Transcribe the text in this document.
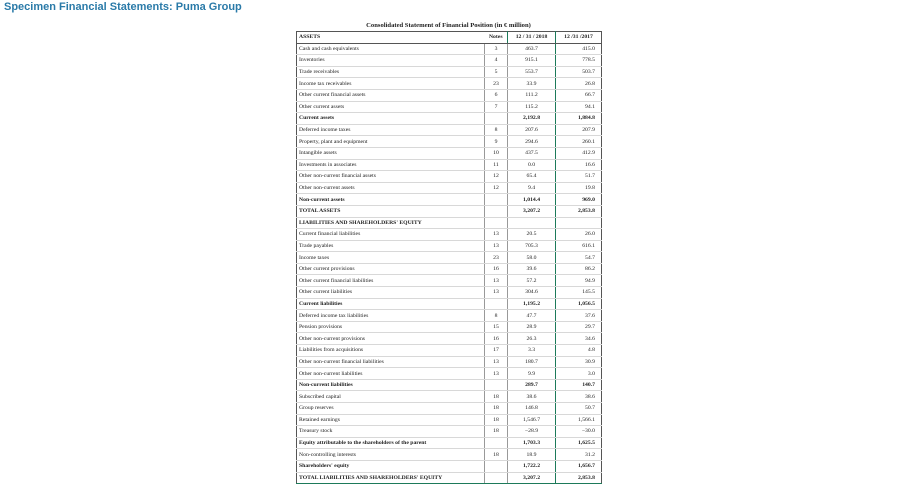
Specimen Financial Statements: Puma Group
Consolidated Statement of Financial Position (in € million)
ASSETS	Notes	12 / 31 / 2018	12 /31 /2017
Cash and cash equivalents	3	463.7	415.0
Inventories	4	915.1	778.5
Trade receivables	5	553.7	503.7
Income tax receivables	23	33.9	26.8
Other current financial assets	6	111.2	66.7
Other current assets	7	115.2	94.1
Current assets		2,192.8	1,884.8
Deferred income taxes	8	207.6	207.9
Property, plant and equipment	9	294.6	260.1
Intangible assets	10	437.5	412.9
Investments in associates	11	0.0	16.6
Other non-current financial assets	12	65.4	51.7
Other non-current assets	12	9.4	19.8
Non-current assets		1,014.4	969.0
TOTAL ASSETS		3,207.2	2,853.8
LIABILITIES AND SHAREHOLDERS' EQUITY			
Current financial liabilities	13	20.5	26.0
Trade payables	13	705.3	616.1
Income taxes	23	58.0	54.7
Other current provisions	16	39.6	86.2
Other current financial liabilities	13	57.2	94.9
Other current liabilities	13	304.6	145.5
Current liabilities		1,195.2	1,056.5
Deferred income tax liabilities	8	47.7	37.6
Pension provisions	15	28.9	29.7
Other non-current provisions	16	26.3	34.6
Liabilities from acquisitions	17	3.3	4.8
Other non-current financial liabilities	13	180.7	30.9
Other non-current liabilities	13	9.9	3.0
Non-current liabilities		289.7	140.7
Subscribed capital	18	38.6	38.6
Group reserves	18	146.8	50.7
Retained earnings	18	1,546.7	1,566.1
Treasury stock	18	−28.9	−30.0
Equity attributable to the shareholders of the parent		1,703.3	1,625.5
Non-controlling interests	18	18.9	31.2
Shareholders' equity		1,722.2	1,656.7
TOTAL LIABILITIES AND SHAREHOLDERS' EQUITY		3,207.2	2,853.8
